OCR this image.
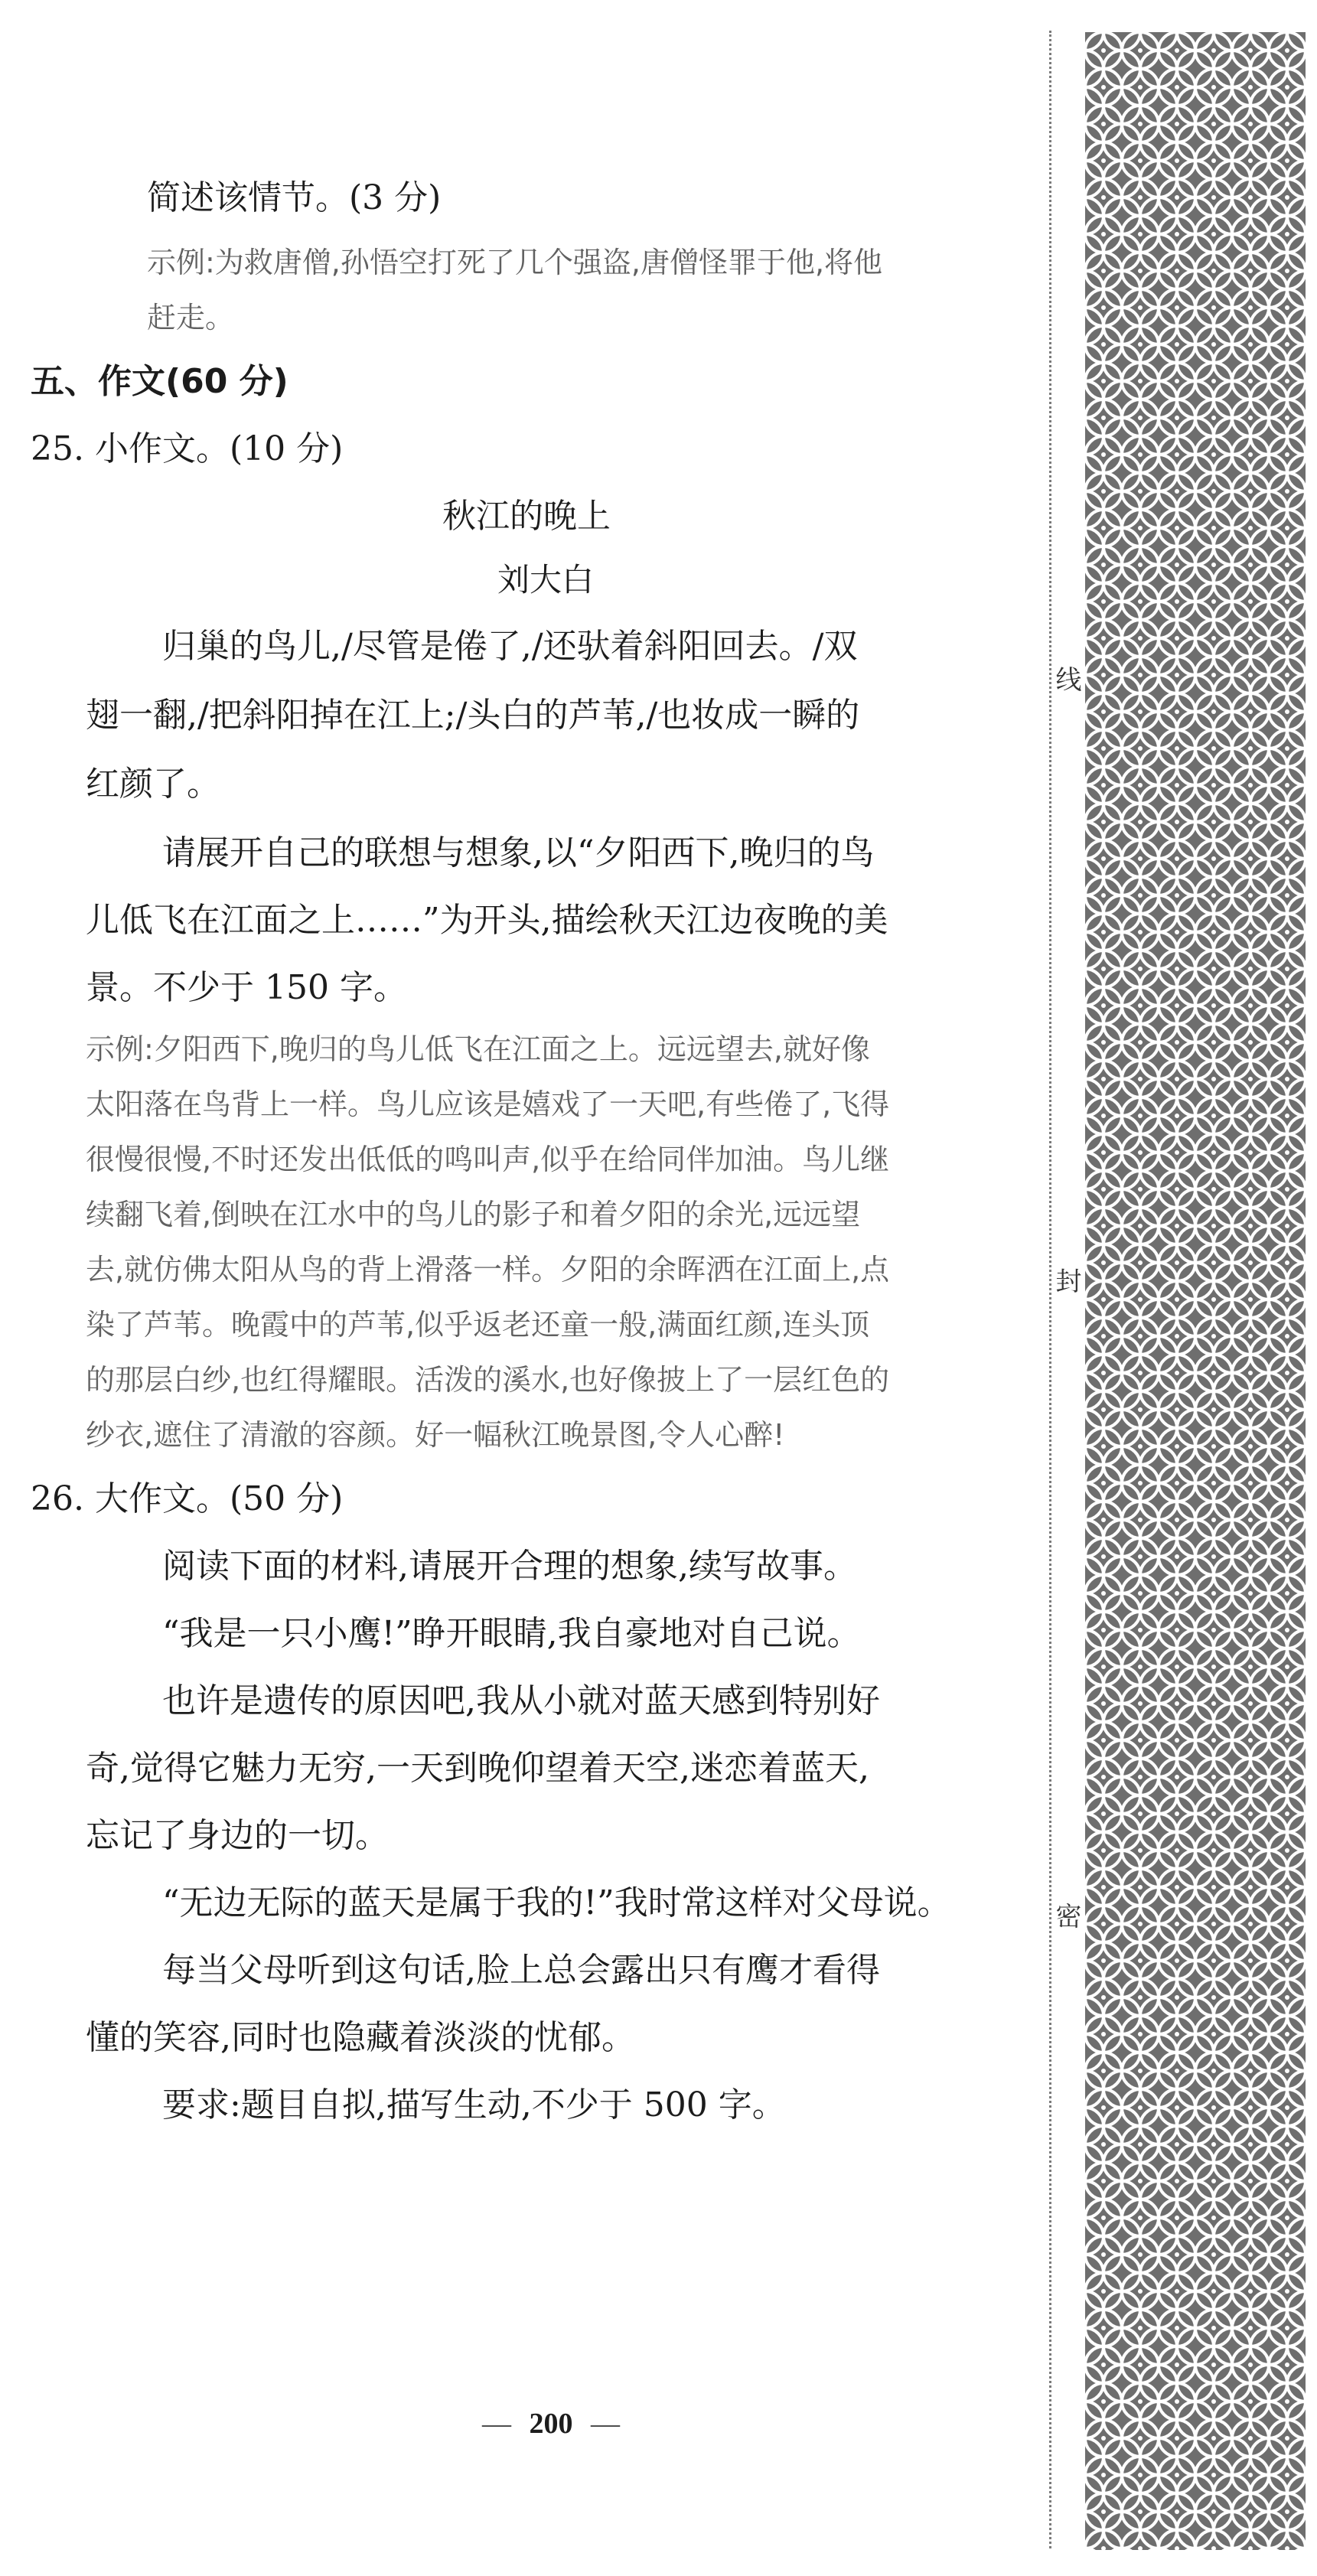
简述该情节。(3 分)

示例:为救唐僧,孙悟空打死了几个强盗,唐僧怪罪于他,将他

赶走。

五、作文(60 分)

25. 小作文。(10 分)

秋江的晚上

刘大白

归巢的鸟儿,/尽管是倦了,/还驮着斜阳回去。/双

翅一翻,/把斜阳掉在江上;/头白的芦苇,/也妆成一瞬的

红颜了。

请展开自己的联想与想象,以“夕阳西下,晚归的鸟

儿低飞在江面之上……”为开头,描绘秋天江边夜晚的美

景。不少于 150 字。

示例:夕阳西下,晚归的鸟儿低飞在江面之上。远远望去,就好像

太阳落在鸟背上一样。鸟儿应该是嬉戏了一天吧,有些倦了,飞得

很慢很慢,不时还发出低低的鸣叫声,似乎在给同伴加油。鸟儿继

续翻飞着,倒映在江水中的鸟儿的影子和着夕阳的余光,远远望

去,就仿佛太阳从鸟的背上滑落一样。夕阳的余晖洒在江面上,点

染了芦苇。晚霞中的芦苇,似乎返老还童一般,满面红颜,连头顶

的那层白纱,也红得耀眼。活泼的溪水,也好像披上了一层红色的

纱衣,遮住了清澈的容颜。好一幅秋江晚景图,令人心醉!

26. 大作文。(50 分)

阅读下面的材料,请展开合理的想象,续写故事。

“我是一只小鹰!”睁开眼睛,我自豪地对自己说。

也许是遗传的原因吧,我从小就对蓝天感到特别好

奇,觉得它魅力无穷,一天到晚仰望着天空,迷恋着蓝天,

忘记了身边的一切。

“无边无际的蓝天是属于我的!”我时常这样对父母说。

每当父母听到这句话,脸上总会露出只有鹰才看得

懂的笑容,同时也隐藏着淡淡的忧郁。

要求:题目自拟,描写生动,不少于 500 字。

— 200 —
线
封
密
